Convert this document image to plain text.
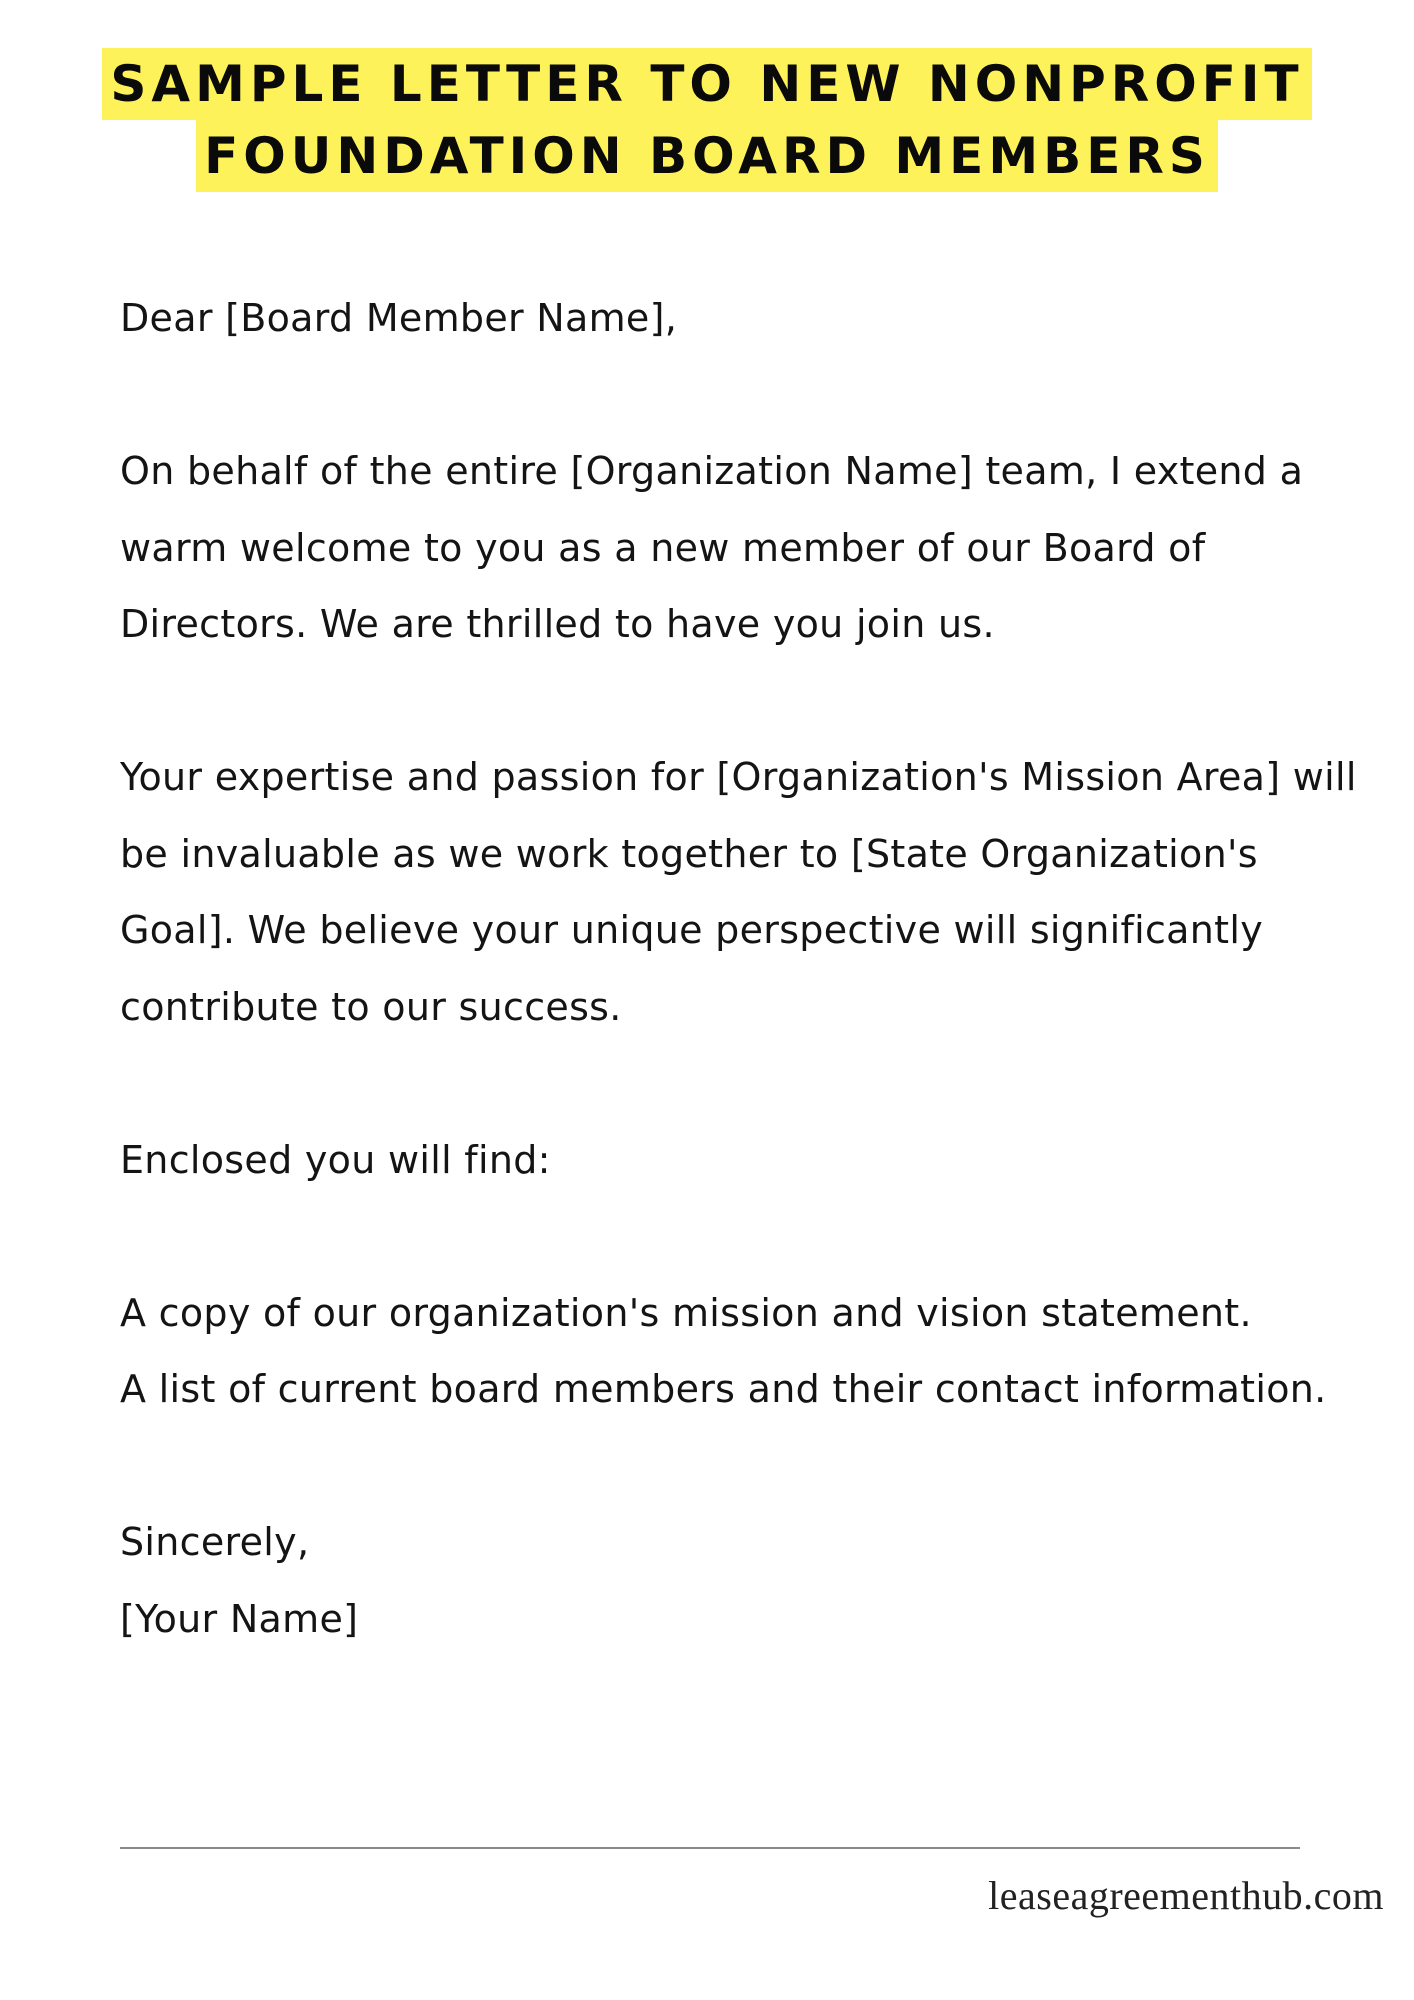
SAMPLE LETTER TO NEW NONPROFIT
FOUNDATION BOARD MEMBERS

Dear [Board Member Name],

On behalf of the entire [Organization Name] team, I extend a warm welcome to you as a new member of our Board of Directors. We are thrilled to have you join us.

Your expertise and passion for [Organization's Mission Area] will be invaluable as we work together to [State Organization's Goal]. We believe your unique perspective will significantly contribute to our success.

Enclosed you will find:

A copy of our organization's mission and vision statement.

A list of current board members and their contact information.

Sincerely,

[Your Name]

leaseagreementhub.com
